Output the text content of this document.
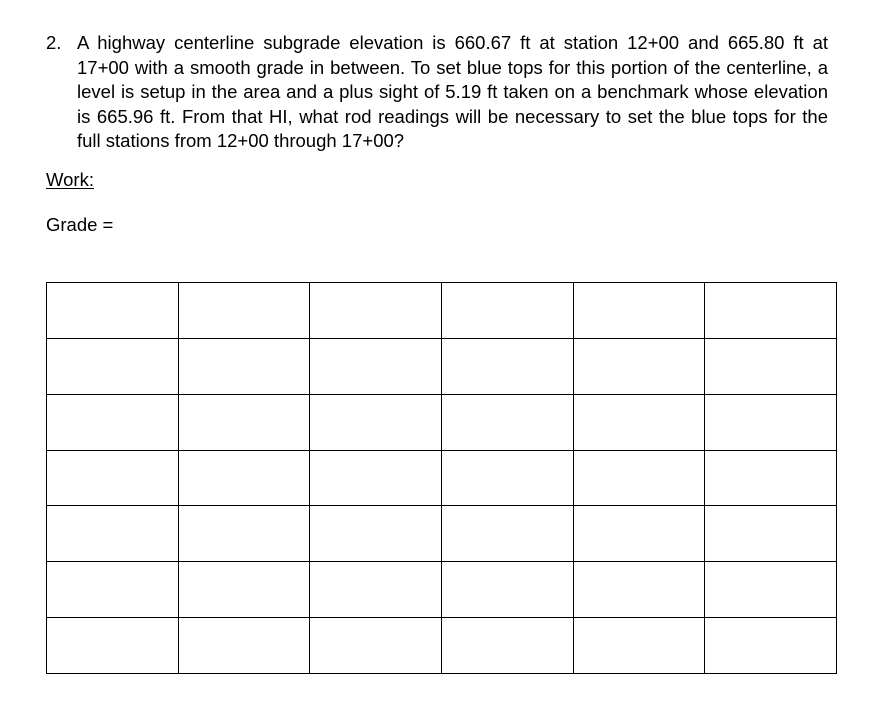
2. A highway centerline subgrade elevation is 660.67 ft at station 12+00 and 665.80 ft at 17+00 with a smooth grade in between. To set blue tops for this portion of the centerline, a level is setup in the area and a plus sight of 5.19 ft taken on a benchmark whose elevation is 665.96 ft. From that HI, what rod readings will be necessary to set the blue tops for the full stations from 12+00 through 17+00?
Work:
Grade =
